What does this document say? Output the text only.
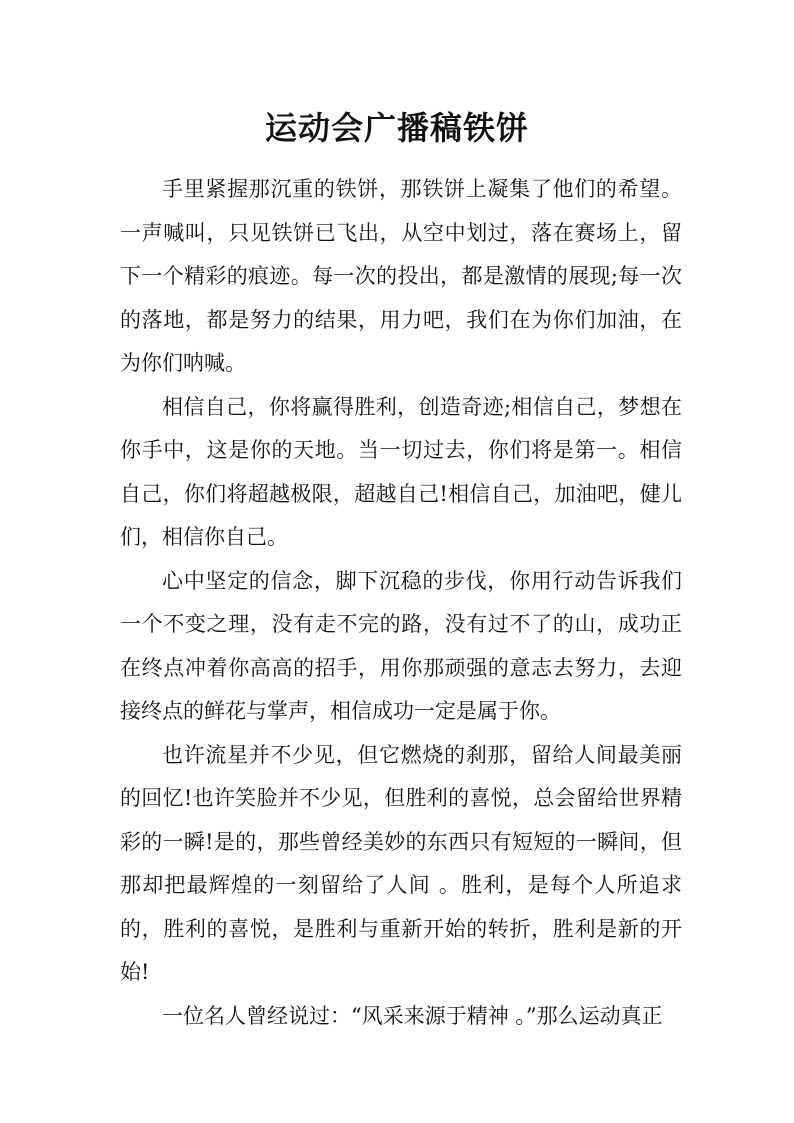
运动会广播稿铁饼

手里紧握那沉重的铁饼，那铁饼上凝集了他们的希望。一声喊叫，只见铁饼已飞出，从空中划过，落在赛场上，留下一个精彩的痕迹。每一次的投出，都是激情的展现;每一次的落地，都是努力的结果，用力吧，我们在为你们加油，在为你们呐喊。

相信自己，你将赢得胜利，创造奇迹;相信自己，梦想在你手中，这是你的天地。当一切过去，你们将是第一。相信自己，你们将超越极限，超越自己!相信自己，加油吧，健儿们，相信你自己。

心中坚定的信念，脚下沉稳的步伐，你用行动告诉我们一个不变之理，没有走不完的路，没有过不了的山，成功正在终点冲着你高高的招手，用你那顽强的意志去努力，去迎接终点的鲜花与掌声，相信成功一定是属于你。

也许流星并不少见，但它燃烧的刹那，留给人间最美丽的回忆!也许笑脸并不少见，但胜利的喜悦，总会留给世界精彩的一瞬!是的，那些曾经美妙的东西只有短短的一瞬间，但那却把最辉煌的一刻留给了人间 。胜利，是每个人所追求的，胜利的喜悦，是胜利与重新开始的转折，胜利是新的开始!

一位名人曾经说过：“风采来源于精神 。”那么运动真正
